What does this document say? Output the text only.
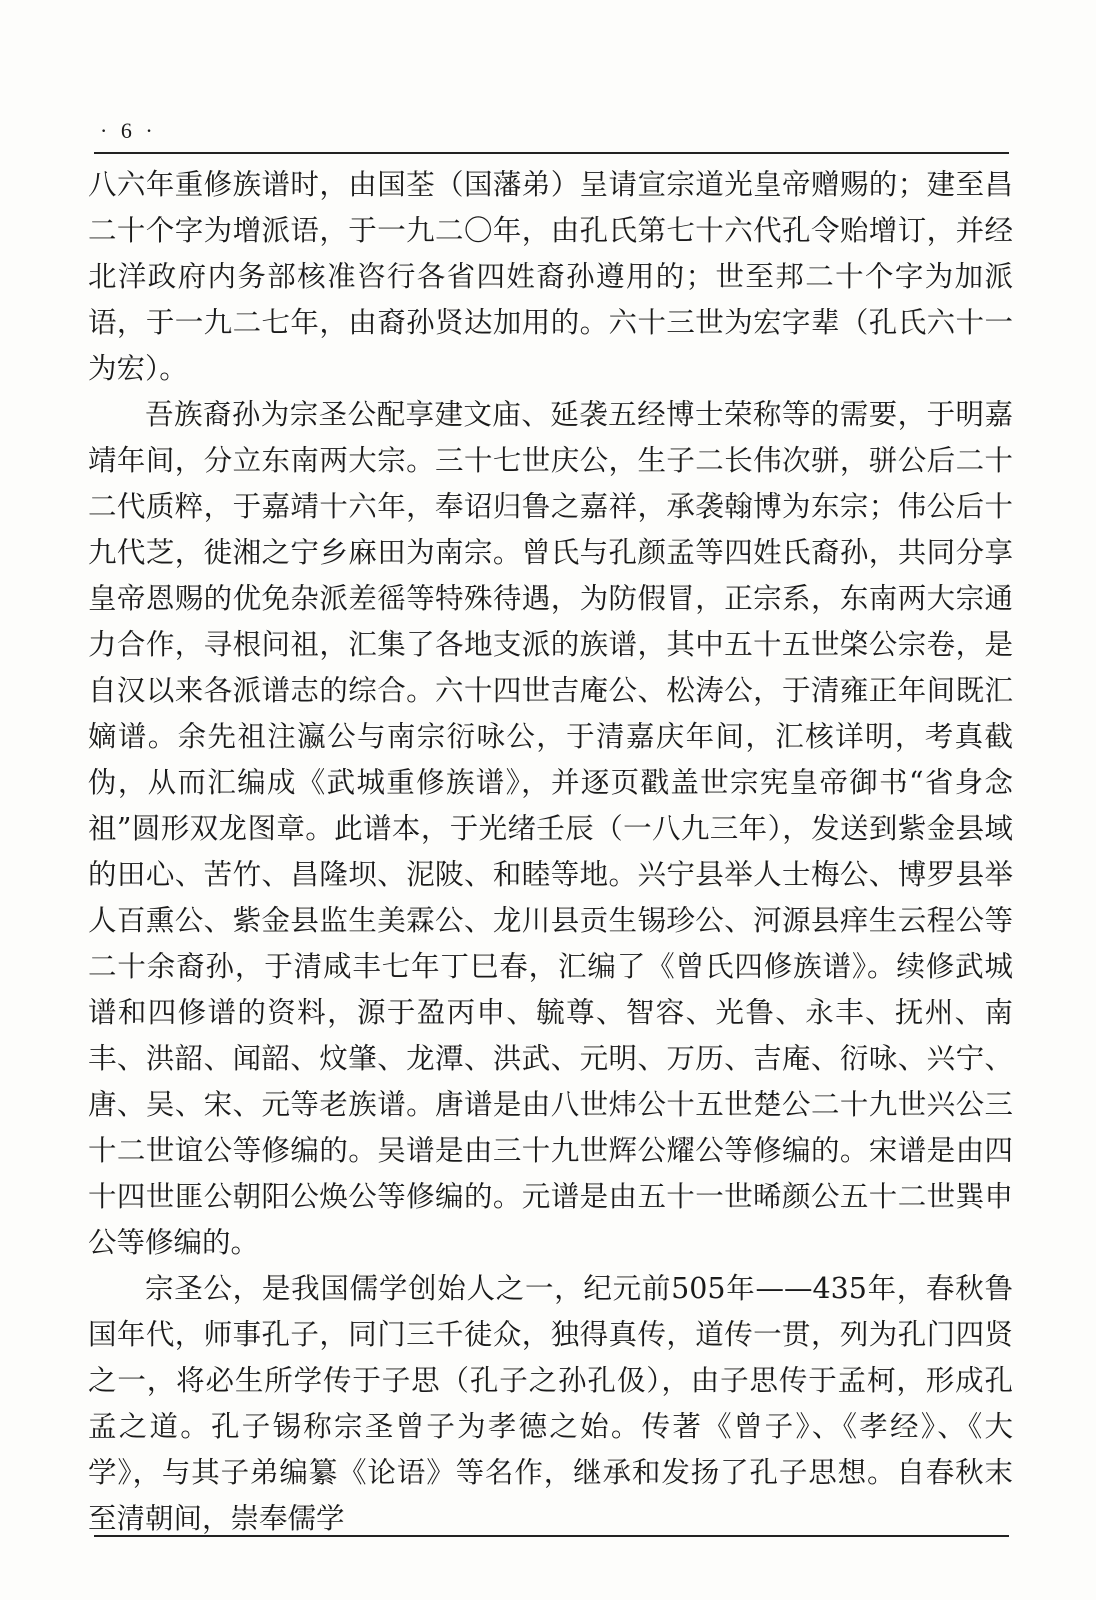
· 6 ·

八六年重修族谱时，由国荃（国藩弟）呈请宣宗道光皇帝赠赐的；建至昌二十个字为增派语，于一九二〇年，由孔氏第七十六代孔令贻增订，并经北洋政府内务部核准咨行各省四姓裔孙遵用的；世至邦二十个字为加派语，于一九二七年，由裔孙贤达加用的。六十三世为宏字辈（孔氏六十一为宏）。

吾族裔孙为宗圣公配享建文庙、延袭五经博士荣称等的需要，于明嘉靖年间，分立东南两大宗。三十七世庆公，生子二长伟次骈，骈公后二十二代质粹，于嘉靖十六年，奉诏归鲁之嘉祥，承袭翰博为东宗；伟公后十九代芝，徙湘之宁乡麻田为南宗。曾氏与孔颜孟等四姓氏裔孙，共同分享皇帝恩赐的优免杂派差徭等特殊待遇，为防假冒，正宗系，东南两大宗通力合作，寻根问祖，汇集了各地支派的族谱，其中五十五世棨公宗卷，是自汉以来各派谱志的综合。六十四世吉庵公、松涛公，于清雍正年间既汇嫡谱。余先祖注瀛公与南宗衍咏公，于清嘉庆年间，汇核详明，考真截伪，从而汇编成《武城重修族谱》，并逐页戳盖世宗宪皇帝御书“省身念祖”圆形双龙图章。此谱本，于光绪壬辰（一八九三年），发送到紫金县域的田心、苦竹、昌隆坝、泥陂、和睦等地。兴宁县举人士梅公、博罗县举人百熏公、紫金县监生美霖公、龙川县贡生锡珍公、河源县痒生云程公等二十余裔孙，于清咸丰七年丁巳春，汇编了《曾氏四修族谱》。续修武城谱和四修谱的资料，源于盈丙申、毓尊、智容、光鲁、永丰、抚州、南丰、洪韶、闻韶、炆肇、龙潭、洪武、元明、万历、吉庵、衍咏、兴宁、唐、吴、宋、元等老族谱。唐谱是由八世炜公十五世楚公二十九世兴公三十二世谊公等修编的。吴谱是由三十九世辉公耀公等修编的。宋谱是由四十四世匪公朝阳公焕公等修编的。元谱是由五十一世晞颜公五十二世巽申公等修编的。

宗圣公，是我国儒学创始人之一，纪元前505年——435年，春秋鲁国年代，师事孔子，同门三千徒众，独得真传，道传一贯，列为孔门四贤之一，将必生所学传于子思（孔子之孙孔伋），由子思传于孟柯，形成孔孟之道。孔子锡称宗圣曾子为孝德之始。传著《曾子》、《孝经》、《大学》，与其子弟编纂《论语》等名作，继承和发扬了孔子思想。自春秋末至清朝间，崇奉儒学
